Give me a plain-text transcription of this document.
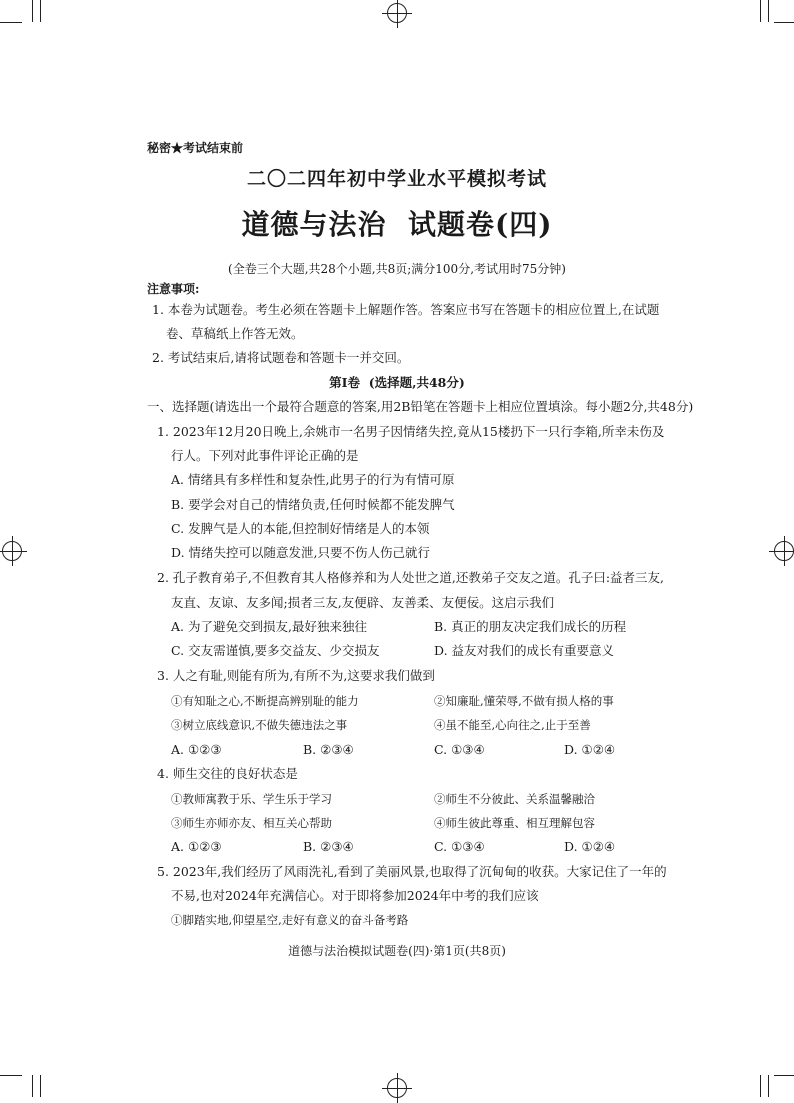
秘密★考试结束前
二〇二四年初中学业水平模拟考试
道德与法治  试题卷(四)
(全卷三个大题,共28个小题,共8页;满分100分,考试用时75分钟)
注意事项:
1. 本卷为试题卷。考生必须在答题卡上解题作答。答案应书写在答题卡的相应位置上,在试题
卷、草稿纸上作答无效。
2. 考试结束后,请将试题卷和答题卡一并交回。
第Ⅰ卷  (选择题,共48分)
一、选择题(请选出一个最符合题意的答案,用2B铅笔在答题卡上相应位置填涂。每小题2分,共48分)
1. 2023年12月20日晚上,余姚市一名男子因情绪失控,竟从15楼扔下一只行李箱,所幸未伤及
行人。下列对此事件评论正确的是
A. 情绪具有多样性和复杂性,此男子的行为有情可原
B. 要学会对自己的情绪负责,任何时候都不能发脾气
C. 发脾气是人的本能,但控制好情绪是人的本领
D. 情绪失控可以随意发泄,只要不伤人伤己就行
2. 孔子教育弟子,不但教育其人格修养和为人处世之道,还教弟子交友之道。孔子曰:益者三友,
友直、友谅、友多闻;损者三友,友便辟、友善柔、友便佞。这启示我们
A. 为了避免交到损友,最好独来独往	B. 真正的朋友决定我们成长的历程
C. 交友需谨慎,要多交益友、少交损友	D. 益友对我们的成长有重要意义
3. 人之有耻,则能有所为,有所不为,这要求我们做到
①有知耻之心,不断提高辨别耻的能力	②知廉耻,懂荣辱,不做有损人格的事
③树立底线意识,不做失德违法之事	④虽不能至,心向往之,止于至善
A. ①②③	B. ②③④	C. ①③④	D. ①②④
4. 师生交往的良好状态是
①教师寓教于乐、学生乐于学习	②师生不分彼此、关系温馨融洽
③师生亦师亦友、相互关心帮助	④师生彼此尊重、相互理解包容
A. ①②③	B. ②③④	C. ①③④	D. ①②④
5. 2023年,我们经历了风雨洗礼,看到了美丽风景,也取得了沉甸甸的收获。大家记住了一年的
不易,也对2024年充满信心。对于即将参加2024年中考的我们应该
①脚踏实地,仰望星空,走好有意义的奋斗备考路
道德与法治模拟试题卷(四)·第1页(共8页)
